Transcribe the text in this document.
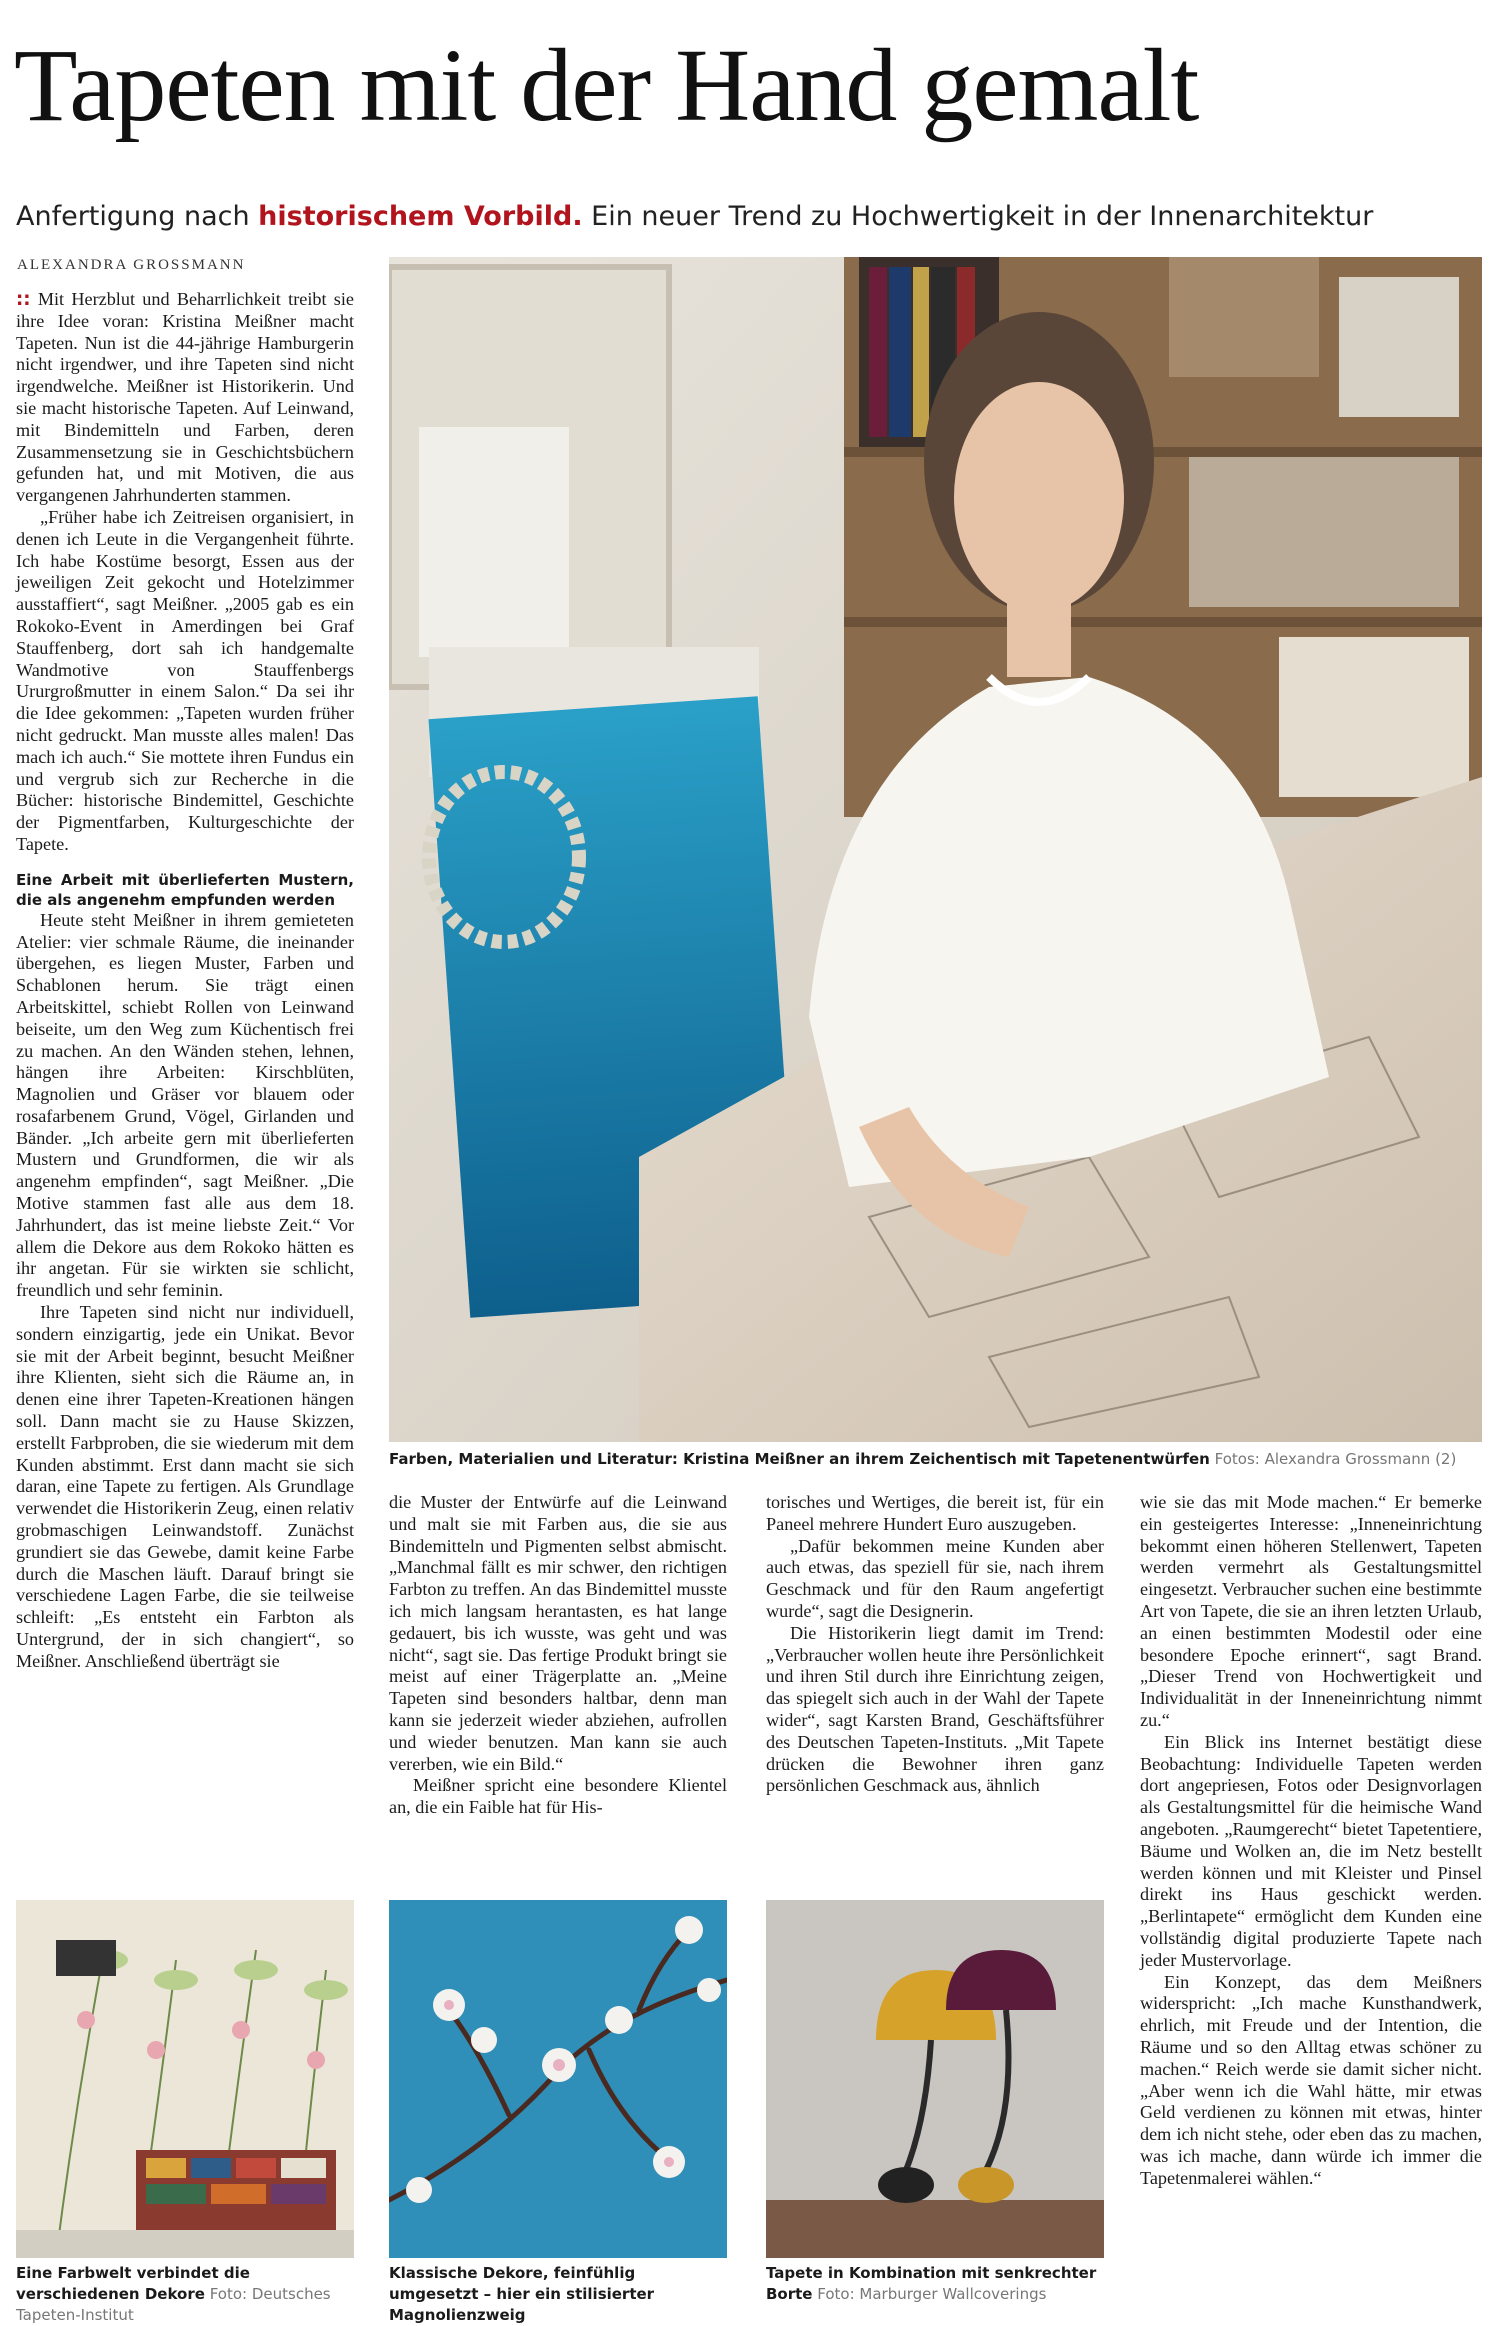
Tapeten mit der Hand gemalt
Anfertigung nach historischem Vorbild. Ein neuer Trend zu Hochwertigkeit in der Innenarchitektur
ALEXANDRA GROSSMANN

:: Mit Herzblut und Beharrlichkeit treibt sie ihre Idee voran: Kristina Meißner macht Tapeten. Nun ist die 44-jährige Hamburgerin nicht irgendwer, und ihre Tapeten sind nicht irgendwelche. Meißner ist Historikerin. Und sie macht historische Tapeten. Auf Leinwand, mit Bindemitteln und Farben, deren Zusammensetzung sie in Geschichtsbüchern gefunden hat, und mit Motiven, die aus vergangenen Jahrhunderten stammen.

„Früher habe ich Zeitreisen organisiert, in denen ich Leute in die Vergangenheit führte. Ich habe Kostüme besorgt, Essen aus der jeweiligen Zeit gekocht und Hotelzimmer ausstaffiert“, sagt Meißner. „2005 gab es ein Rokoko-Event in Amerdingen bei Graf Stauffenberg, dort sah ich handgemalte Wandmotive von Stauffenbergs Ururgroßmutter in einem Salon.“ Da sei ihr die Idee gekommen: „Tapeten wurden früher nicht gedruckt. Man musste alles malen! Das mach ich auch.“ Sie mottete ihren Fundus ein und vergrub sich zur Recherche in die Bücher: historische Bindemittel, Geschichte der Pigmentfarben, Kulturgeschichte der Tapete.

Eine Arbeit mit überlieferten Mustern, die als angenehm empfunden werden

Heute steht Meißner in ihrem gemieteten Atelier: vier schmale Räume, die ineinander übergehen, es liegen Muster, Farben und Schablonen herum. Sie trägt einen Arbeitskittel, schiebt Rollen von Leinwand beiseite, um den Weg zum Küchentisch frei zu machen. An den Wänden stehen, lehnen, hängen ihre Arbeiten: Kirschblüten, Magnolien und Gräser vor blauem oder rosafarbenem Grund, Vögel, Girlanden und Bänder. „Ich arbeite gern mit überlieferten Mustern und Grundformen, die wir als angenehm empfinden“, sagt Meißner. „Die Motive stammen fast alle aus dem 18. Jahrhundert, das ist meine liebste Zeit.“ Vor allem die Dekore aus dem Rokoko hätten es ihr angetan. Für sie wirkten sie schlicht, freundlich und sehr feminin.

Ihre Tapeten sind nicht nur individuell, sondern einzigartig, jede ein Unikat. Bevor sie mit der Arbeit beginnt, besucht Meißner ihre Klienten, sieht sich die Räume an, in denen eine ihrer Tapeten-Kreationen hängen soll. Dann macht sie zu Hause Skizzen, erstellt Farbproben, die sie wiederum mit dem Kunden abstimmt. Erst dann macht sie sich daran, eine Tapete zu fertigen. Als Grundlage verwendet die Historikerin Zeug, einen relativ grobmaschigen Leinwandstoff. Zunächst grundiert sie das Gewebe, damit keine Farbe durch die Maschen läuft. Darauf bringt sie verschiedene Lagen Farbe, die sie teilweise schleift: „Es entsteht ein Farbton als Untergrund, der in sich changiert“, so Meißner. Anschließend überträgt sie

Farben, Materialien und Literatur: Kristina Meißner an ihrem Zeichentisch mit Tapetenentwürfen Fotos: Alexandra Grossmann (2)

die Muster der Entwürfe auf die Leinwand und malt sie mit Farben aus, die sie aus Bindemitteln und Pigmenten selbst abmischt. „Manchmal fällt es mir schwer, den richtigen Farbton zu treffen. An das Bindemittel musste ich mich langsam herantasten, es hat lange gedauert, bis ich wusste, was geht und was nicht“, sagt sie. Das fertige Produkt bringt sie meist auf einer Trägerplatte an. „Meine Tapeten sind besonders haltbar, denn man kann sie jederzeit wieder abziehen, aufrollen und wieder benutzen. Man kann sie auch vererben, wie ein Bild.“

Meißner spricht eine besondere Klientel an, die ein Faible hat für His-

torisches und Wertiges, die bereit ist, für ein Paneel mehrere Hundert Euro auszugeben.

„Dafür bekommen meine Kunden aber auch etwas, das speziell für sie, nach ihrem Geschmack und für den Raum angefertigt wurde“, sagt die Designerin.

Die Historikerin liegt damit im Trend: „Verbraucher wollen heute ihre Persönlichkeit und ihren Stil durch ihre Einrichtung zeigen, das spiegelt sich auch in der Wahl der Tapete wider“, sagt Karsten Brand, Geschäftsführer des Deutschen Tapeten-Instituts. „Mit Tapete drücken die Bewohner ihren ganz persönlichen Geschmack aus, ähnlich

wie sie das mit Mode machen.“ Er bemerke ein gesteigertes Interesse: „Inneneinrichtung bekommt einen höheren Stellenwert, Tapeten werden vermehrt als Gestaltungsmittel eingesetzt. Verbraucher suchen eine bestimmte Art von Tapete, die sie an ihren letzten Urlaub, an einen bestimmten Modestil oder eine besondere Epoche erinnert“, sagt Brand. „Dieser Trend von Hochwertigkeit und Individualität in der Inneneinrichtung nimmt zu.“

Ein Blick ins Internet bestätigt diese Beobachtung: Individuelle Tapeten werden dort angepriesen, Fotos oder Designvorlagen als Gestaltungsmittel für die heimische Wand angeboten. „Raumgerecht“ bietet Tapetentiere, Bäume und Wolken an, die im Netz bestellt werden können und mit Kleister und Pinsel direkt ins Haus geschickt werden. „Berlintapete“ ermöglicht dem Kunden eine vollständig digital produzierte Tapete nach jeder Mustervorlage.

Ein Konzept, das dem Meißners widerspricht: „Ich mache Kunsthandwerk, ehrlich, mit Freude und der Intention, die Räume und so den Alltag etwas schöner zu machen.“ Reich werde sie damit sicher nicht. „Aber wenn ich die Wahl hätte, mir etwas Geld verdienen zu können mit etwas, hinter dem ich nicht stehe, oder eben das zu machen, was ich mache, dann würde ich immer die Tapetenmalerei wählen.“

Eine Farbwelt verbindet die verschiedenen Dekore Foto: Deutsches Tapeten-Institut
Klassische Dekore, feinfühlig umgesetzt – hier ein stilisierter Magnolienzweig
Tapete in Kombination mit senkrechter Borte Foto: Marburger Wallcoverings
